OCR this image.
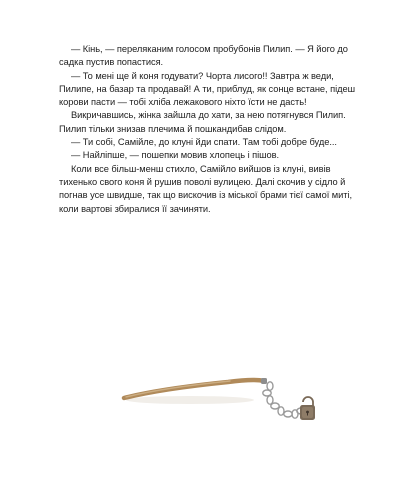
— Кінь, — переляканим голосом пробубонів Пилип. — Я його до садка пустив попастися.

— То мені ще й коня годувати? Чорта лисого!! Завтра ж веди, Пилипе, на базар та продавай! А ти, приблуд, як сонце встане, підеш корови пасти — тобі хліба лежакового ніхто їсти не дасть!

Викричавшись, жінка зайшла до хати, за нею потягнувся Пилип. Пилип тільки знизав плечима й пошкандибав слідом.

— Ти собі, Самійле, до клуні йди спати. Там тобі добре буде...

— Найліпше, — пошепки мовив хлопець і пішов.

Коли все більш-менш стихло, Самійло вийшов із клуні, вивів тихенько свого коня й рушив поволі вулицею. Далі скочив у сідло й погнав усе швидше, так що вискочив із міської брами тієї самої миті, коли вартові збиралися її зачиняти.
